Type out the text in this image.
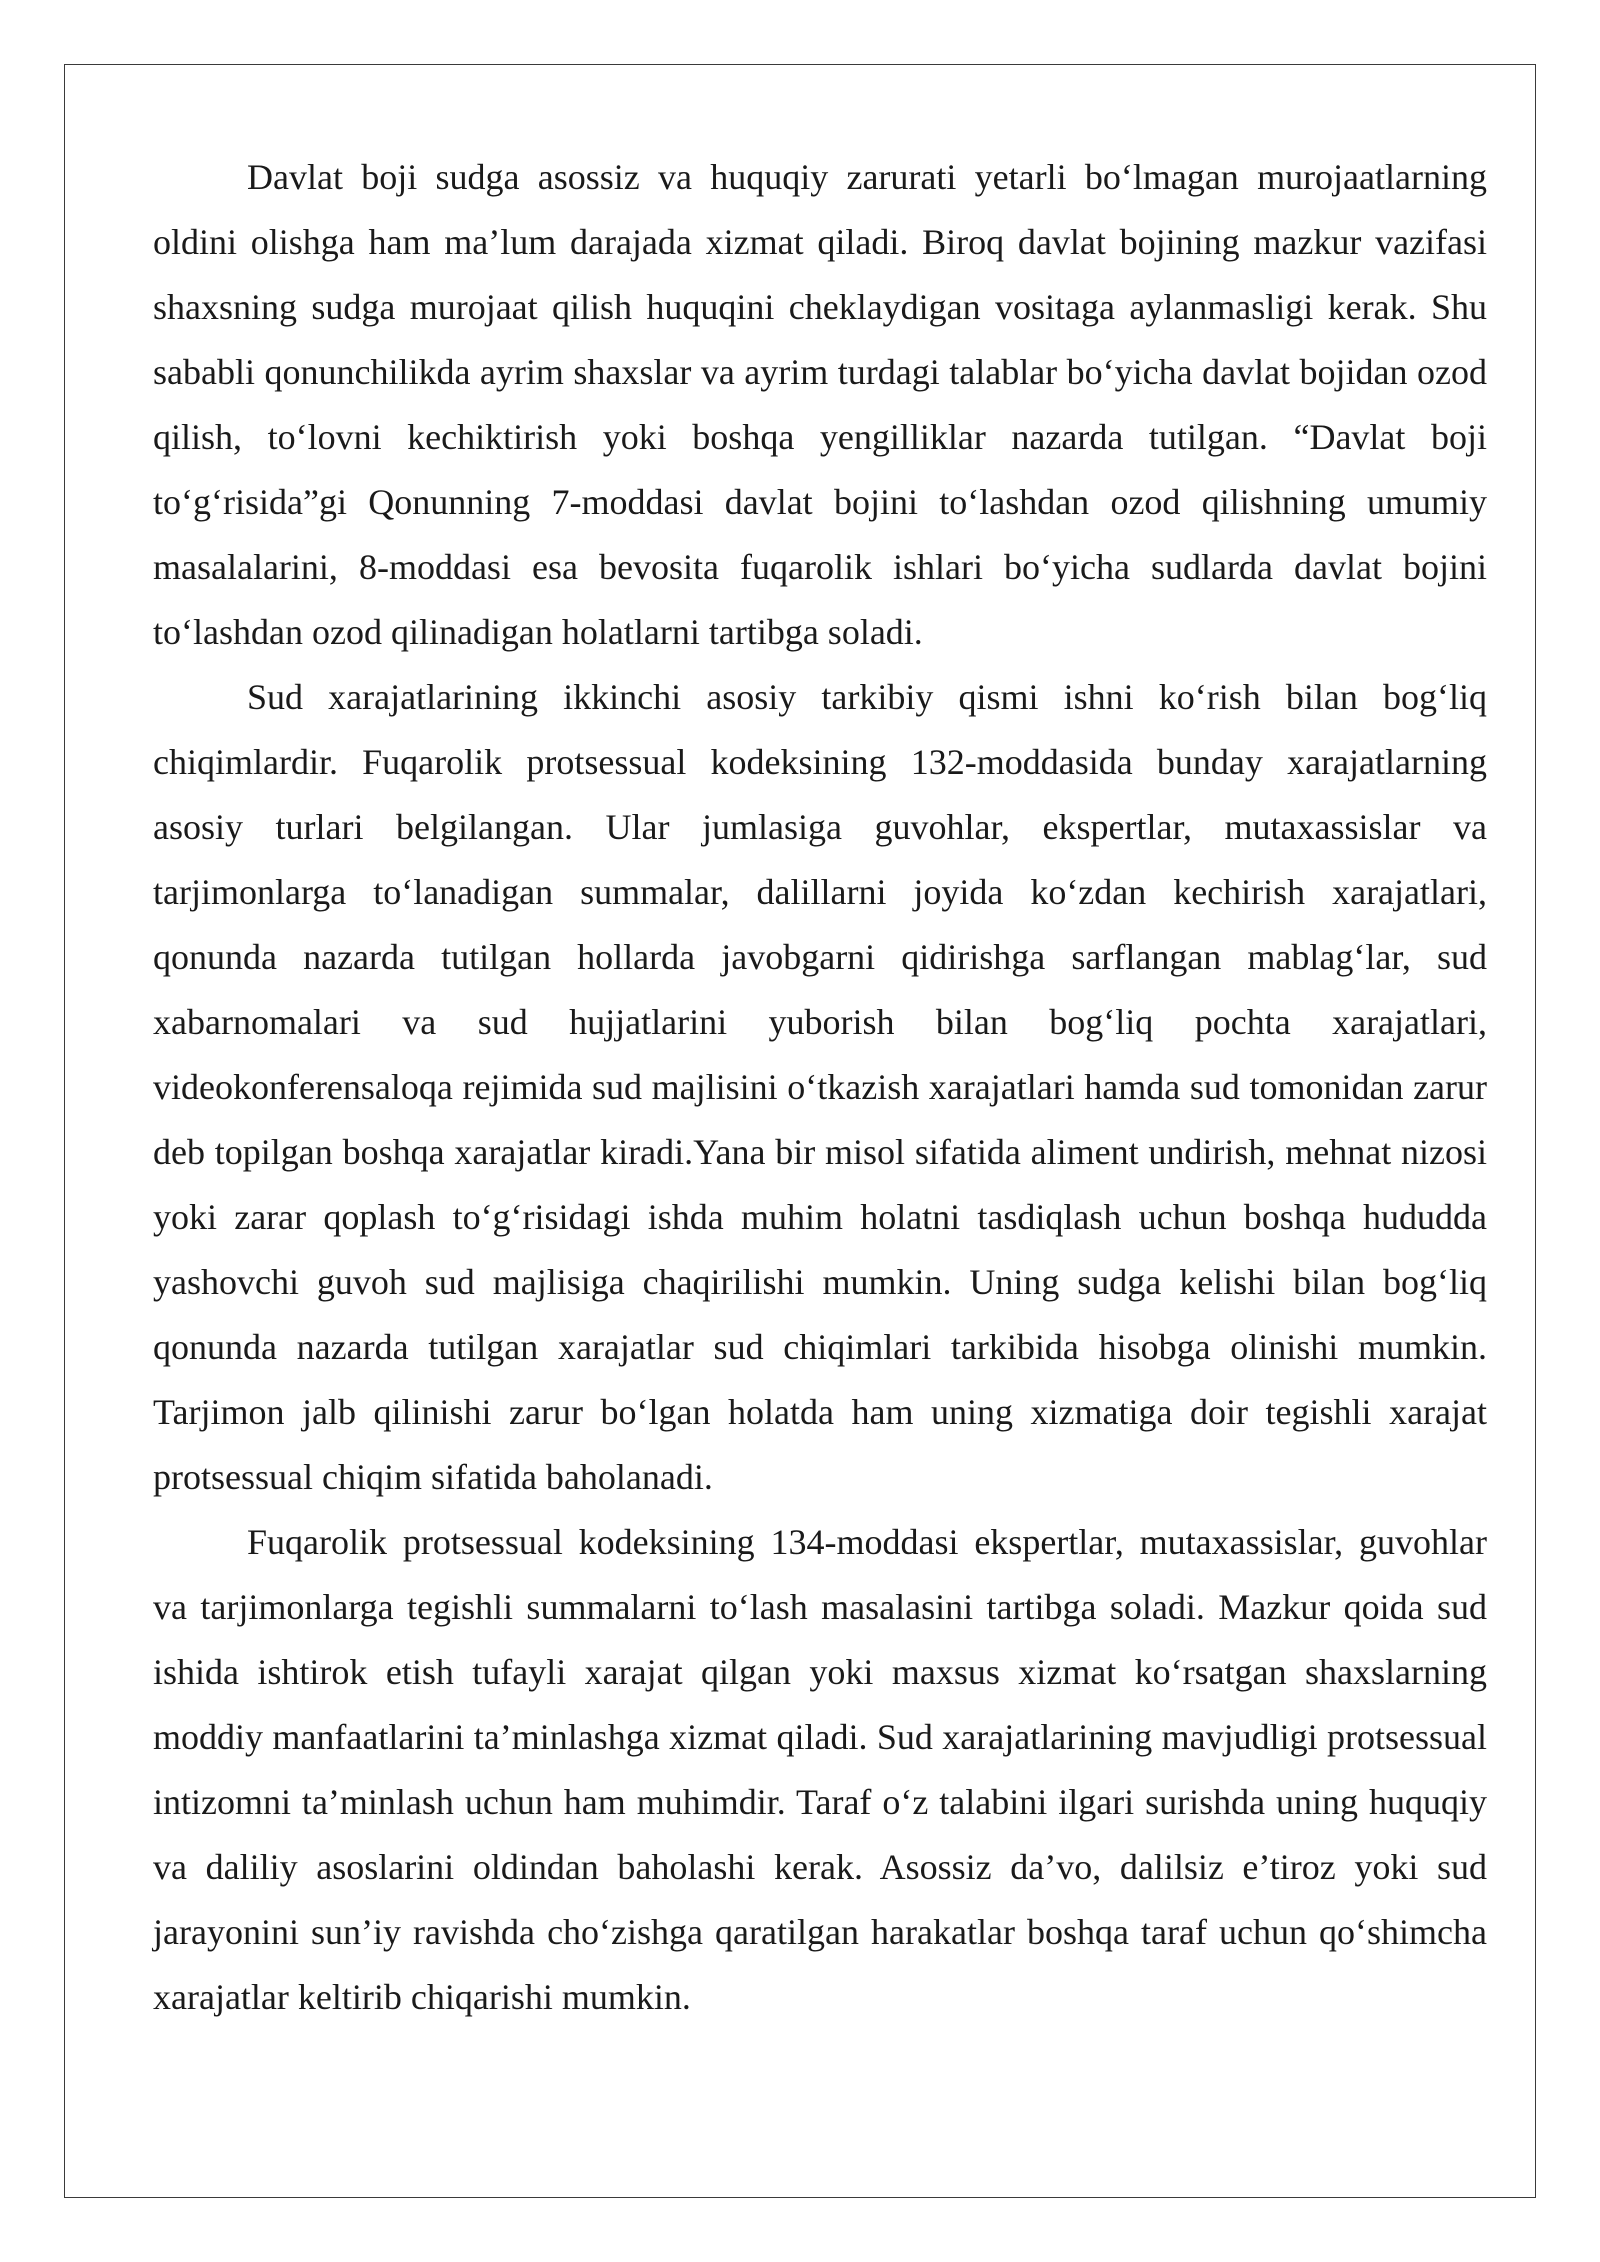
Davlat boji sudga asossiz va huquqiy zarurati yetarli bo‘lmagan murojaatlarning oldini olishga ham ma’lum darajada xizmat qiladi. Biroq davlat bojining mazkur vazifasi shaxsning sudga murojaat qilish huquqini cheklaydigan vositaga aylanmasligi kerak. Shu sababli qonunchilikda ayrim shaxslar va ayrim turdagi talablar bo‘yicha davlat bojidan ozod qilish, to‘lovni kechiktirish yoki boshqa yengilliklar nazarda tutilgan. “Davlat boji to‘g‘risida”gi Qonunning 7-moddasi davlat bojini to‘lashdan ozod qilishning umumiy masalalarini, 8-moddasi esa bevosita fuqarolik ishlari bo‘yicha sudlarda davlat bojini to‘lashdan ozod qilinadigan holatlarni tartibga soladi.

Sud xarajatlarining ikkinchi asosiy tarkibiy qismi ishni ko‘rish bilan bog‘liq chiqimlardir. Fuqarolik protsessual kodeksining 132-moddasida bunday xarajatlarning asosiy turlari belgilangan. Ular jumlasiga guvohlar, ekspertlar, mutaxassislar va tarjimonlarga to‘lanadigan summalar, dalillarni joyida ko‘zdan kechirish xarajatlari, qonunda nazarda tutilgan hollarda javobgarni qidirishga sarflangan mablag‘lar, sud xabarnomalari va sud hujjatlarini yuborish bilan bog‘liq pochta xarajatlari, videokonferensaloqa rejimida sud majlisini o‘tkazish xarajatlari hamda sud tomonidan zarur deb topilgan boshqa xarajatlar kiradi.Yana bir misol sifatida aliment undirish, mehnat nizosi yoki zarar qoplash to‘g‘risidagi ishda muhim holatni tasdiqlash uchun boshqa hududda yashovchi guvoh sud majlisiga chaqirilishi mumkin. Uning sudga kelishi bilan bog‘liq qonunda nazarda tutilgan xarajatlar sud chiqimlari tarkibida hisobga olinishi mumkin. Tarjimon jalb qilinishi zarur bo‘lgan holatda ham uning xizmatiga doir tegishli xarajat protsessual chiqim sifatida baholanadi.

Fuqarolik protsessual kodeksining 134-moddasi ekspertlar, mutaxassislar, guvohlar va tarjimonlarga tegishli summalarni to‘lash masalasini tartibga soladi. Mazkur qoida sud ishida ishtirok etish tufayli xarajat qilgan yoki maxsus xizmat ko‘rsatgan shaxslarning moddiy manfaatlarini ta’minlashga xizmat qiladi. Sud xarajatlarining mavjudligi protsessual intizomni ta’minlash uchun ham muhimdir. Taraf o‘z talabini ilgari surishda uning huquqiy va daliliy asoslarini oldindan baholashi kerak. Asossiz da’vo, dalilsiz e’tiroz yoki sud jarayonini sun’iy ravishda cho‘zishga qaratilgan harakatlar boshqa taraf uchun qo‘shimcha xarajatlar keltirib chiqarishi mumkin.
